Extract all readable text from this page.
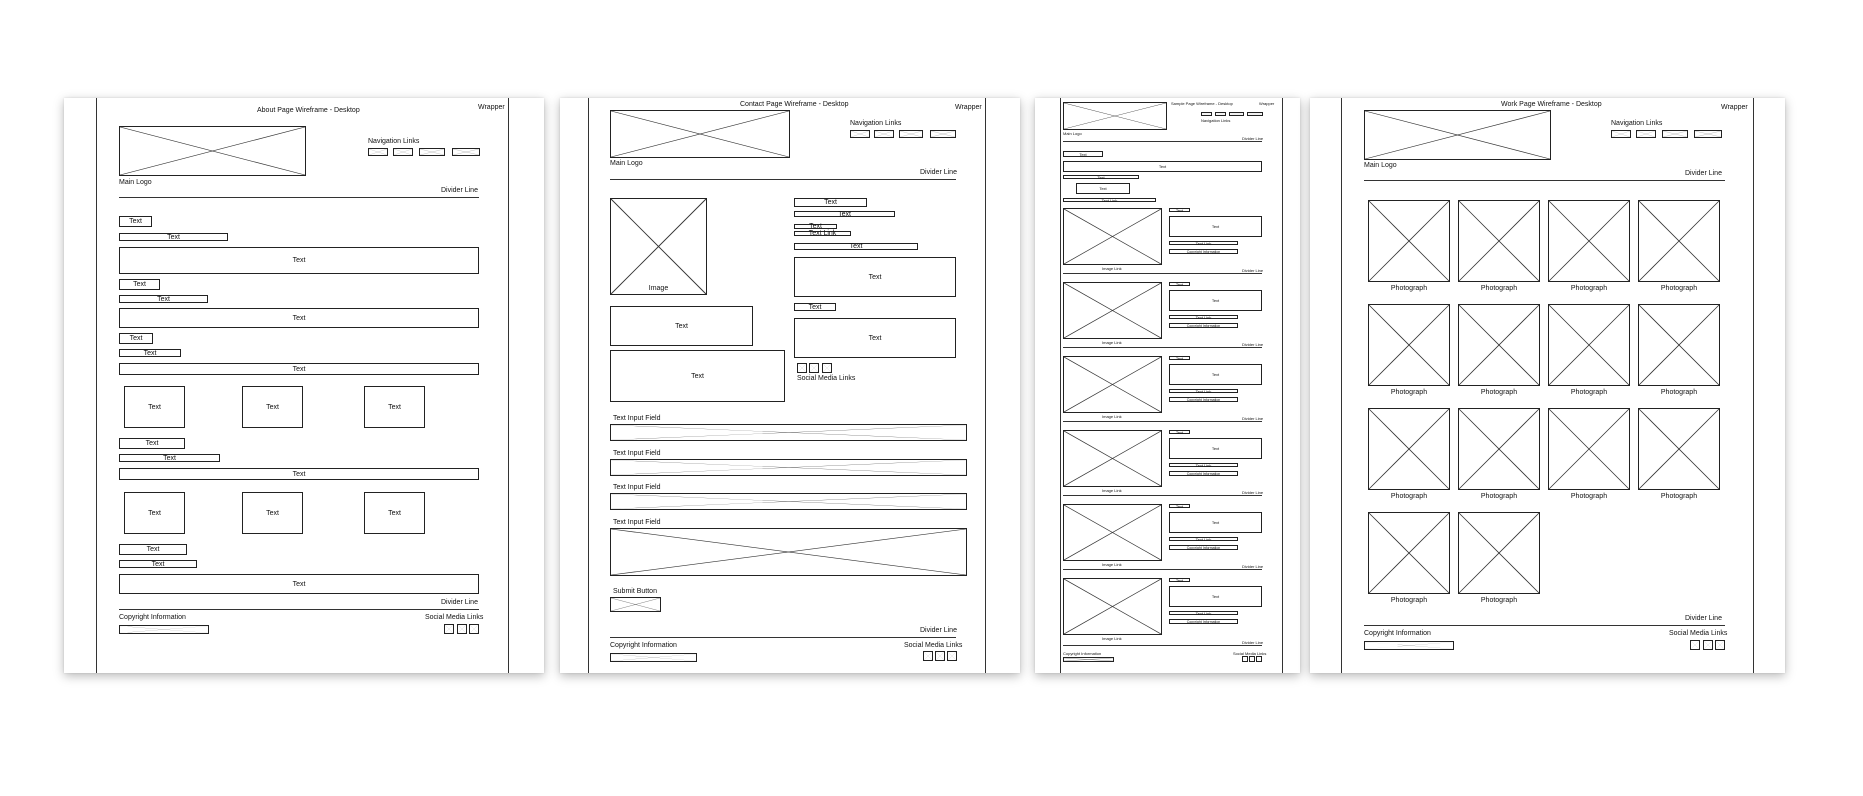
About Page Wireframe - Desktop	Wrapper
Main Logo
Navigation Links
Divider Line
Text
Text
Text
Text
Text
Text
Text
Text
Text
Text	Text	Text
Text
Text
Text
Text	Text	Text
Text
Text
Text
Divider Line
Copyright Information	Social Media Links
Contact Page Wireframe - Desktop	Wrapper
Main Logo
Navigation Links
Divider Line
Image
Text
Text
Text
Text
Text
Text Link
Text
Text
Text
Text
Social Media Links
Text Input Field
Text Input Field
Text Input Field
Text Input Field
Submit Button
Divider Line
Copyright Information	Social Media Links
Main Logo
Sample Page Wireframe - Desktop	Wrapper
Navigation Links
Divider Line
Text
Text
Text
Text
Text Link
Image Link
Text
Text
Text Link
Copyright Information
Divider Line
Image Link
Text
Text
Text Link
Copyright Information
Divider Line
Image Link
Text
Text
Text Link
Copyright Information
Divider Line
Image Link
Text
Text
Text Link
Copyright Information
Divider Line
Image Link
Text
Text
Text Link
Copyright Information
Divider Line
Image Link
Text
Text
Text Link
Copyright Information
Divider Line
Copyright Information	Social Media Links
Work Page Wireframe - Desktop	Wrapper
Main Logo
Navigation Links
Divider Line
Photograph	Photograph	Photograph	Photograph
Photograph	Photograph	Photograph	Photograph
Photograph	Photograph	Photograph	Photograph
Photograph	Photograph
Divider Line
Copyright Information	Social Media Links
